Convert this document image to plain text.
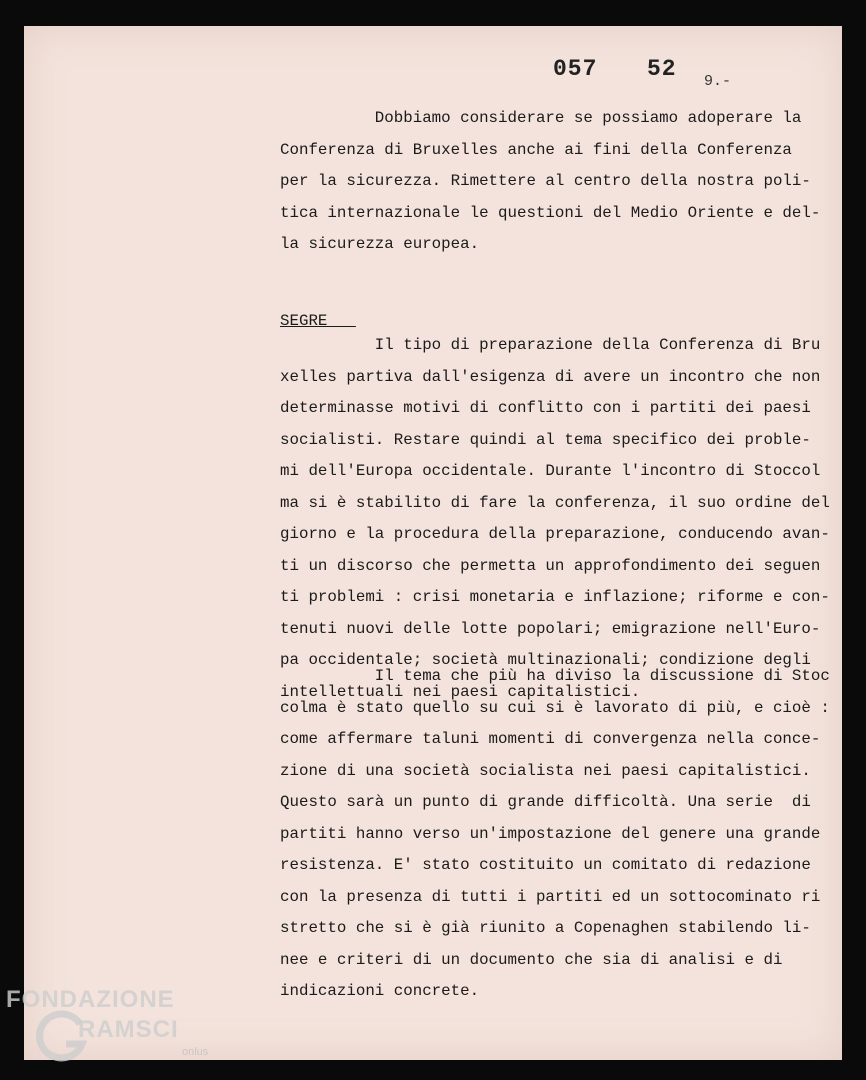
057 52 9.-

Dobbiamo considerare se possiamo adoperare la
Conferenza di Bruxelles anche ai fini della Conferenza
per la sicurezza. Rimettere al centro della nostra poli-
tica internazionale le questioni del Medio Oriente e del-
la sicurezza europea.

SEGRE

Il tipo di preparazione della Conferenza di Bru
xelles partiva dall'esigenza di avere un incontro che non
determinasse motivi di conflitto con i partiti dei paesi
socialisti. Restare quindi al tema specifico dei proble-
mi dell'Europa occidentale. Durante l'incontro di Stoccol
ma si è stabilito di fare la conferenza, il suo ordine del
giorno e la procedura della preparazione, conducendo avan-
ti un discorso che permetta un approfondimento dei seguen
ti problemi : crisi monetaria e inflazione; riforme e con-
tenuti nuovi delle lotte popolari; emigrazione nell'Euro-
pa occidentale; società multinazionali; condizione degli
intellettuali nei paesi capitalistici.

Il tema che più ha diviso la discussione di Stoc
colma è stato quello su cui si è lavorato di più, e cioè :
come affermare taluni momenti di convergenza nella conce-
zione di una società socialista nei paesi capitalistici.
Questo sarà un punto di grande difficoltà. Una serie  di
partiti hanno verso un'impostazione del genere una grande
resistenza. E' stato costituito un comitato di redazione
con la presenza di tutti i partiti ed un sottocominato ri
stretto che si è già riunito a Copenaghen stabilendo li-
nee e criteri di un documento che sia di analisi e di
indicazioni concrete.

FONDAZIONE
RAMSCI
onlus
